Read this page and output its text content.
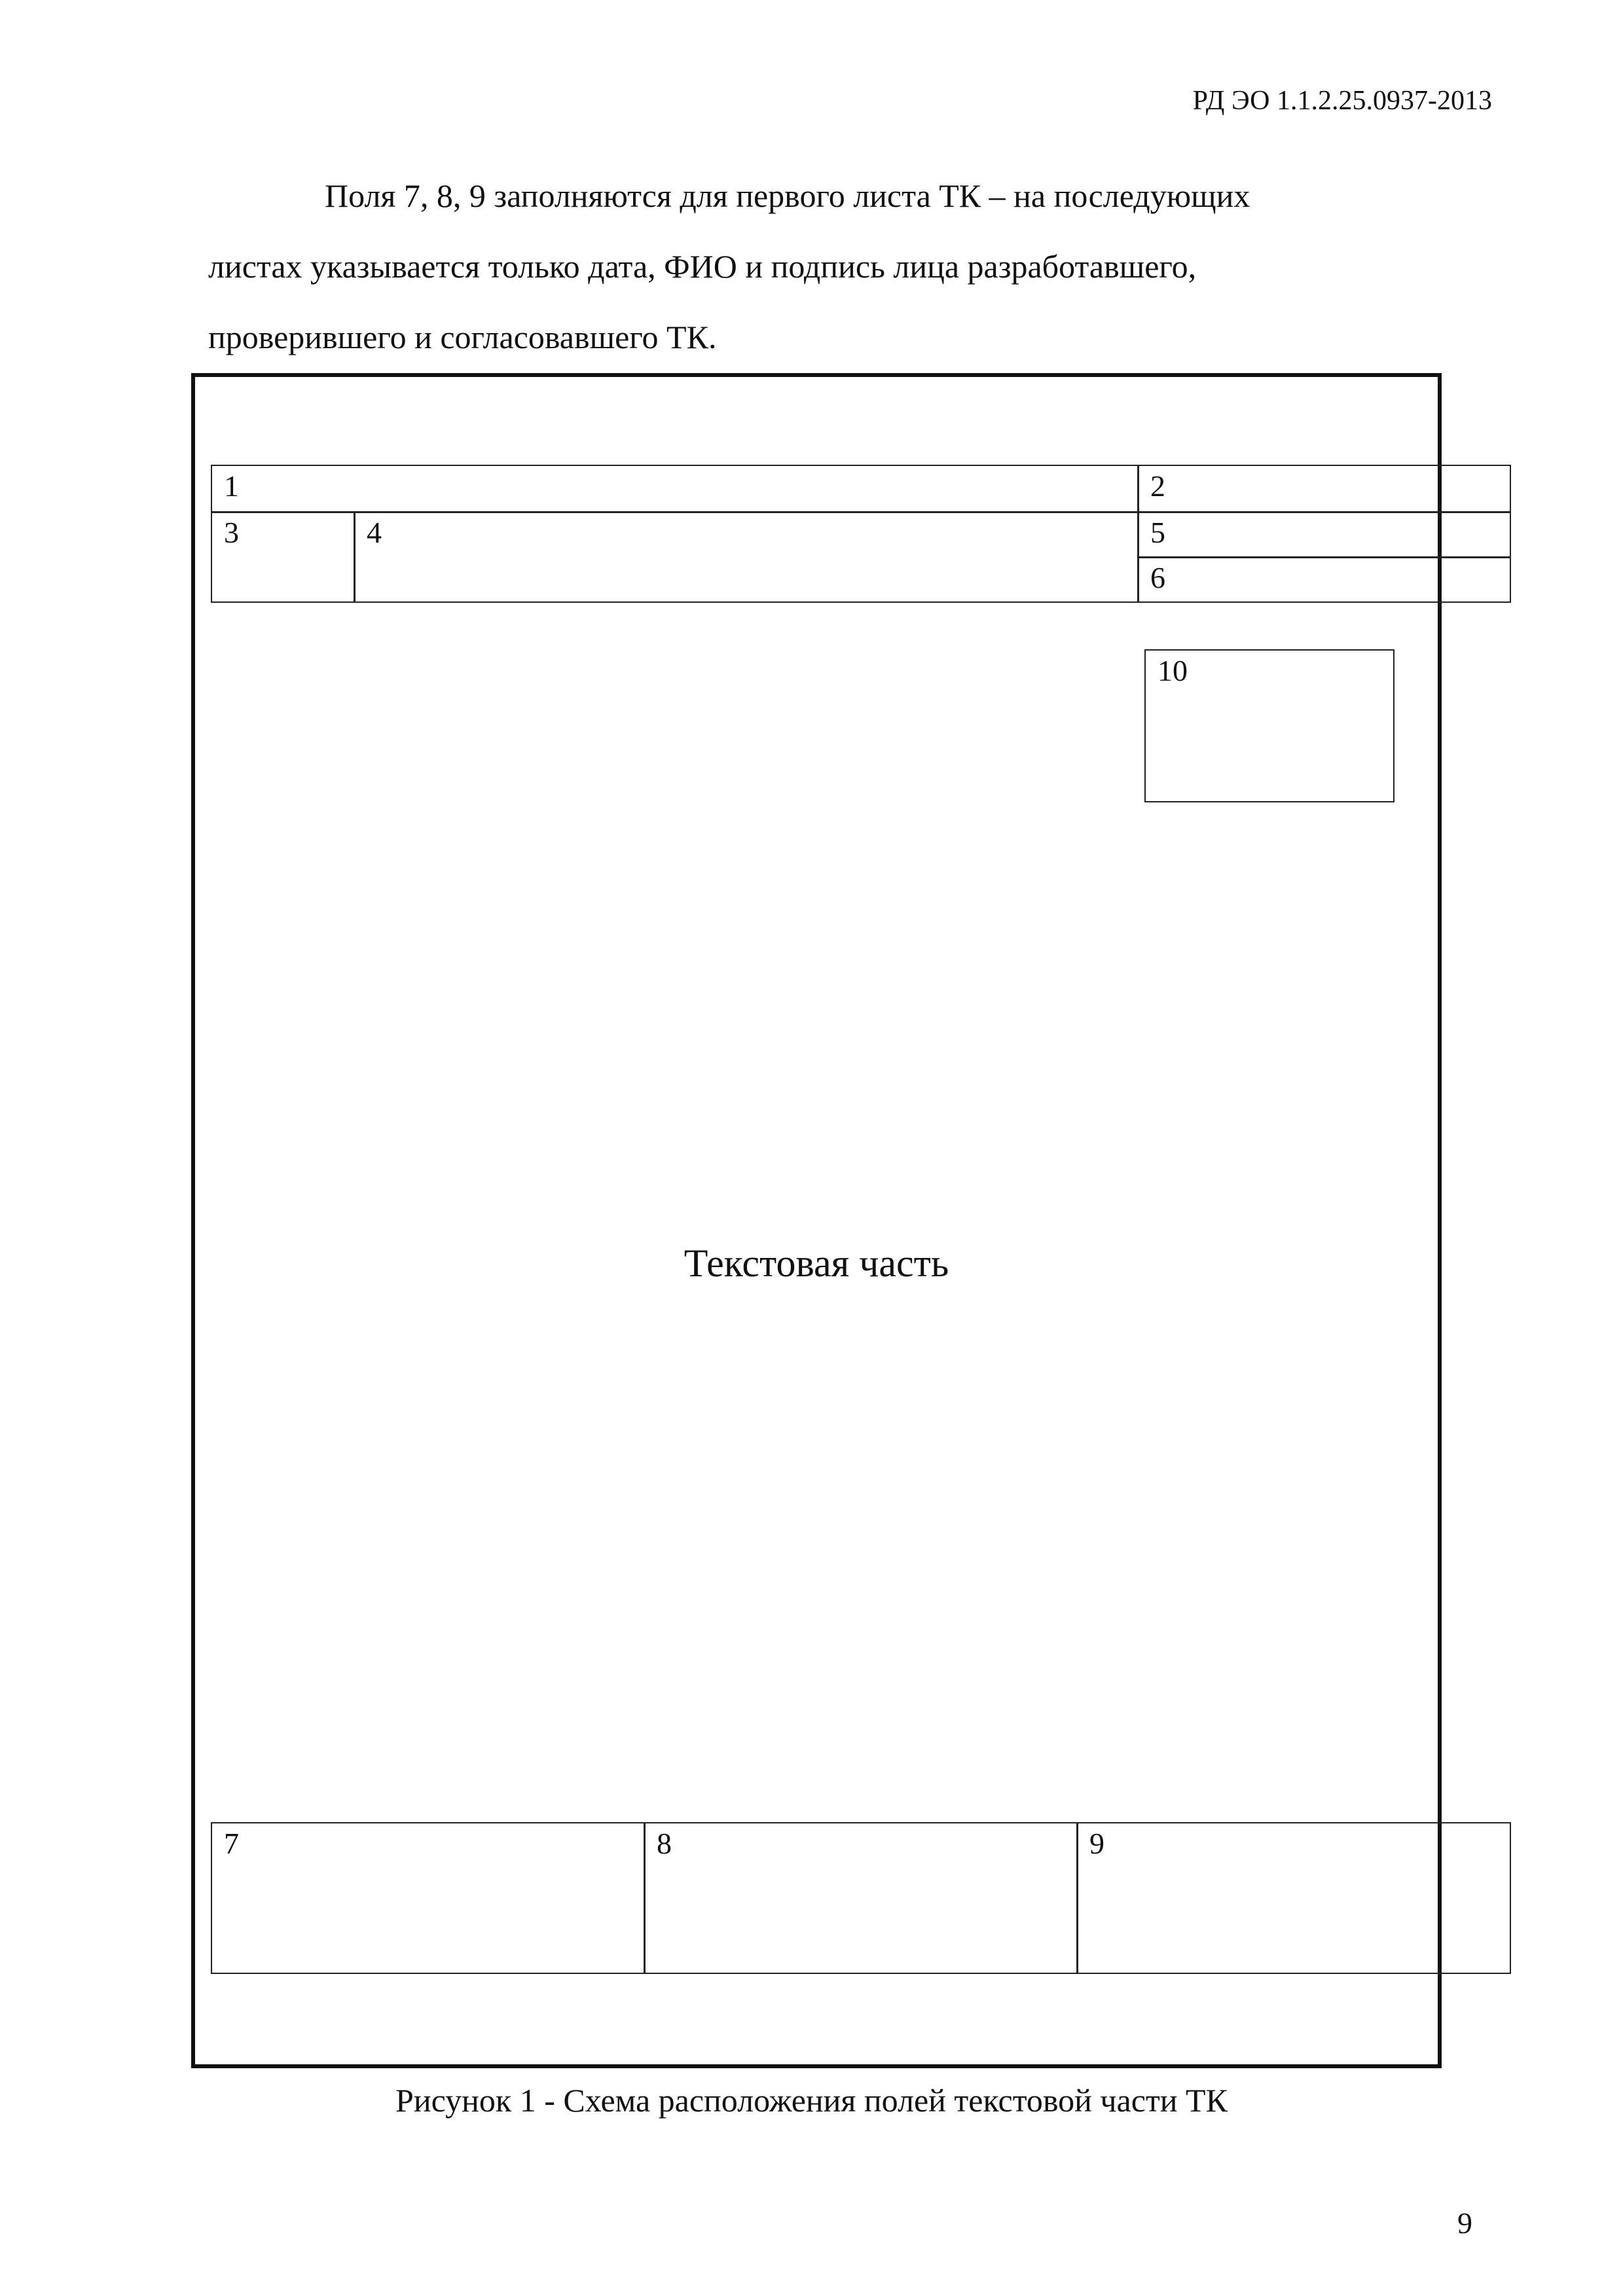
РД ЭО 1.1.2.25.0937-2013
Поля 7, 8, 9 заполняются для первого листа ТК – на последующих
листах указывается только дата, ФИО и подпись лица разработавшего,
проверившего и согласовавшего ТК.
1	2
3	4	5
6
10
Текстовая часть
7	8	9
Рисунок 1 - Схема расположения полей текстовой части ТК
9
